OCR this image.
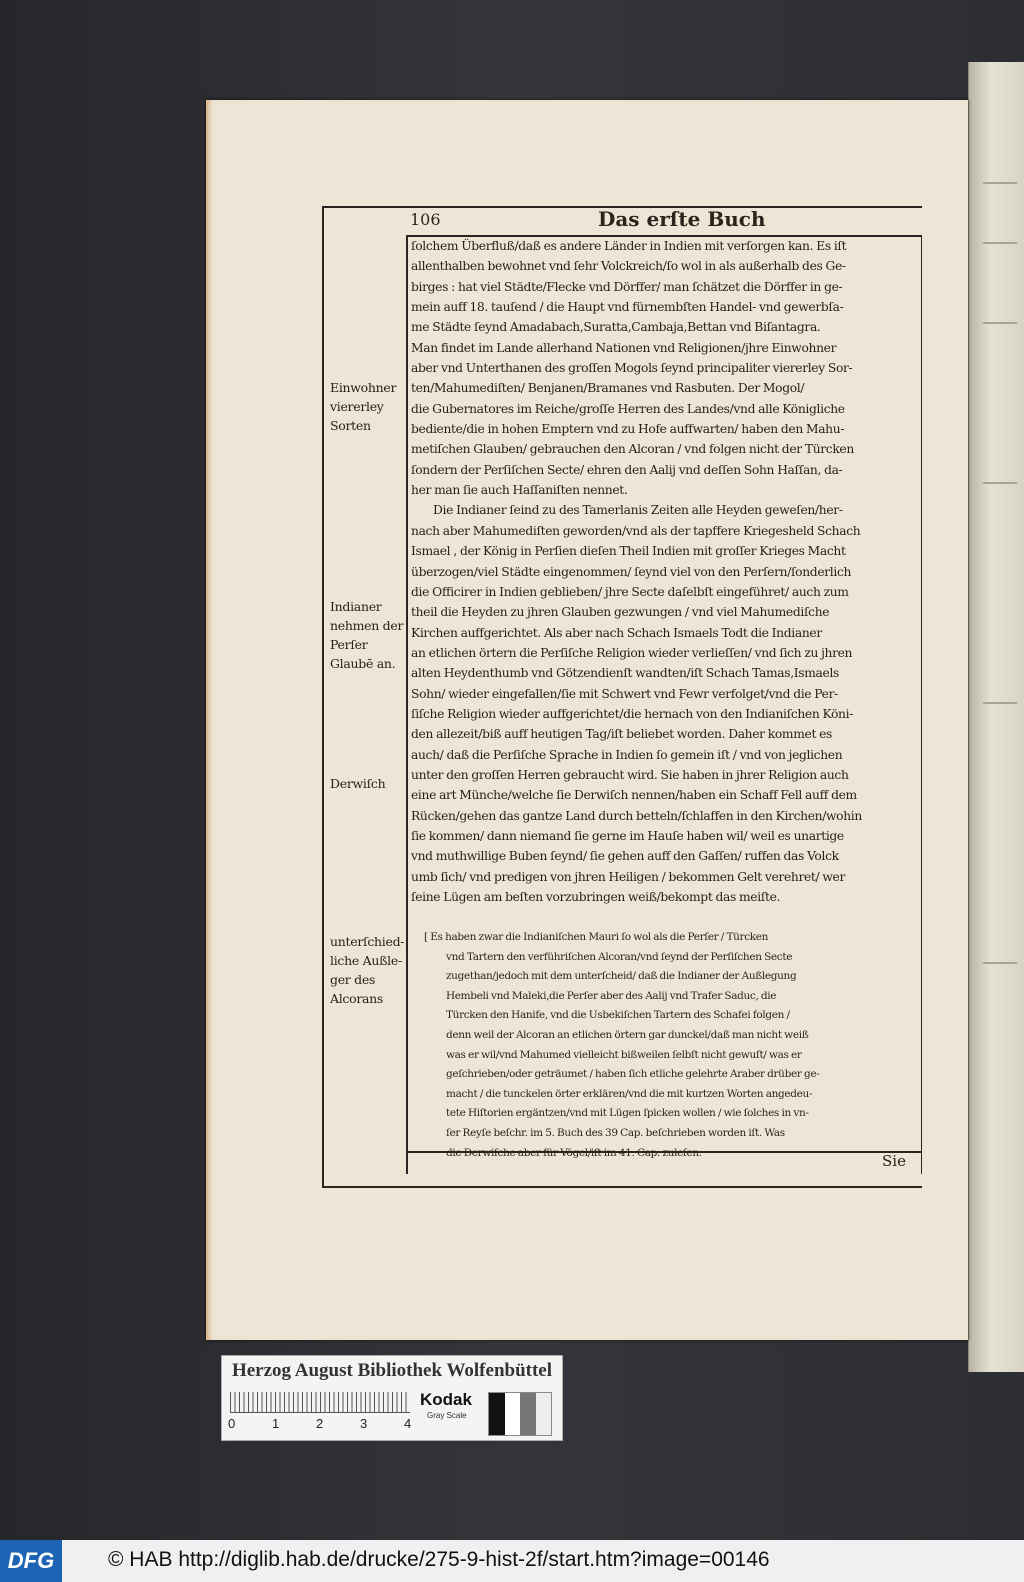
106	Das erſte Buch
ſolchem Überfluß/daß es andere Länder in Indien mit verſorgen kan. Es iſt
allenthalben bewohnet vnd ſehr Volckreich/ſo wol in als außerhalb des Ge-
birges : hat viel Städte/Flecke vnd Dörffer/ man ſchätzet die Dörffer in ge-
mein auff 18. tauſend / die Haupt vnd fürnembſten Handel- vnd gewerbſa-
me Städte ſeynd Amadabach,Suratta,Cambaja,Bettan vnd Biſantagra.
Man findet im Lande allerhand Nationen vnd Religionen/jhre Einwohner
aber vnd Unterthanen des groſſen Mogols ſeynd principaliter viererley Sor-
ten/Mahumediſten/ Benjanen/Bramanes vnd Rasbuten. Der Mogol/
die Gubernatores im Reiche/groſſe Herren des Landes/vnd alle Königliche
bediente/die in hohen Emptern vnd zu Hofe auffwarten/ haben den Mahu-
metiſchen Glauben/ gebrauchen den Alcoran / vnd folgen nicht der Türcken
ſondern der Perſiſchen Secte/ ehren den Aalij vnd deſſen Sohn Haſſan, da-
her man ſie auch Haſſaniſten nennet.
Die Indianer ſeind zu des Tamerlanis Zeiten alle Heyden geweſen/her-
nach aber Mahumediſten geworden/vnd als der tapffere Kriegesheld Schach
Ismael , der König in Perſien dieſen Theil Indien mit groſſer Krieges Macht
überzogen/viel Städte eingenommen/ ſeynd viel von den Perſern/ſonderlich
die Officirer in Indien geblieben/ jhre Secte daſelbſt eingeführet/ auch zum
theil die Heyden zu jhren Glauben gezwungen / vnd viel Mahumediſche
Kirchen auffgerichtet. Als aber nach Schach Ismaels Todt die Indianer
an etlichen örtern die Perſiſche Religion wieder verlieſſen/ vnd ſich zu jhren
alten Heydenthumb vnd Götzendienſt wandten/iſt Schach Tamas,Ismaels
Sohn/ wieder eingefallen/ſie mit Schwert vnd Fewr verfolget/vnd die Per-
ſiſche Religion wieder auffgerichtet/die hernach von den Indianiſchen Köni-
den allezeit/biß auff heutigen Tag/iſt beliebet worden. Daher kommet es
auch/ daß die Perſiſche Sprache in Indien ſo gemein iſt / vnd von jeglichen
unter den groſſen Herren gebraucht wird. Sie haben in jhrer Religion auch
eine art Münche/welche ſie Derwiſch nennen/haben ein Schaff Fell auff dem
Rücken/gehen das gantze Land durch betteln/ſchlaffen in den Kirchen/wohin
ſie kommen/ dann niemand ſie gerne im Hauſe haben wil/ weil es unartige
vnd muthwillige Buben ſeynd/ ſie gehen auff den Gaſſen/ ruffen das Volck
umb ſich/ vnd predigen von jhren Heiligen / bekommen Gelt verehret/ wer
ſeine Lügen am beſten vorzubringen weiß/bekompt das meiſte.
[ Es haben zwar die Indianiſchen Mauri ſo wol als die Perſer / Türcken
vnd Tartern den verführiſchen Alcoran/vnd ſeynd der Perſiſchen Secte
zugethan/jedoch mit dem unterſcheid/ daß die Indianer der Außlegung
Hembeli vnd Maleki,die Perſer aber des Aalij vnd Trafer Saduc, die
Türcken den Hanife, vnd die Usbekiſchen Tartern des Schafei folgen /
denn weil der Alcoran an etlichen örtern gar dunckel/daß man nicht weiß
was er wil/vnd Mahumed vielleicht bißweilen ſelbſt nicht gewuſt/ was er
geſchrieben/oder geträumet / haben ſich etliche gelehrte Araber drüber ge-
macht / die tunckelen örter erklären/vnd die mit kurtzen Worten angedeu-
tete Hiſtorien ergäntzen/vnd mit Lügen ſpicken wollen / wie ſolches in vn-
ſer Reyſe beſchr. im 5. Buch des 39 Cap. beſchrieben worden iſt. Was
die Derwiſche aber für Vögel/iſt im 41. Cap. zuleſen.
Einwohner
viererley
Sorten
Indianer
nehmen der
Perſer
Glaubē an.
Derwiſch
unterſchied-
liche Außle-
ger des
Alcorans
Sie
Herzog August Bibliothek Wolfenbüttel
0	1	2	3	4
Kodak
Gray Scale
DFG	© HAB http://diglib.hab.de/drucke/275-9-hist-2f/start.htm?image=00146
